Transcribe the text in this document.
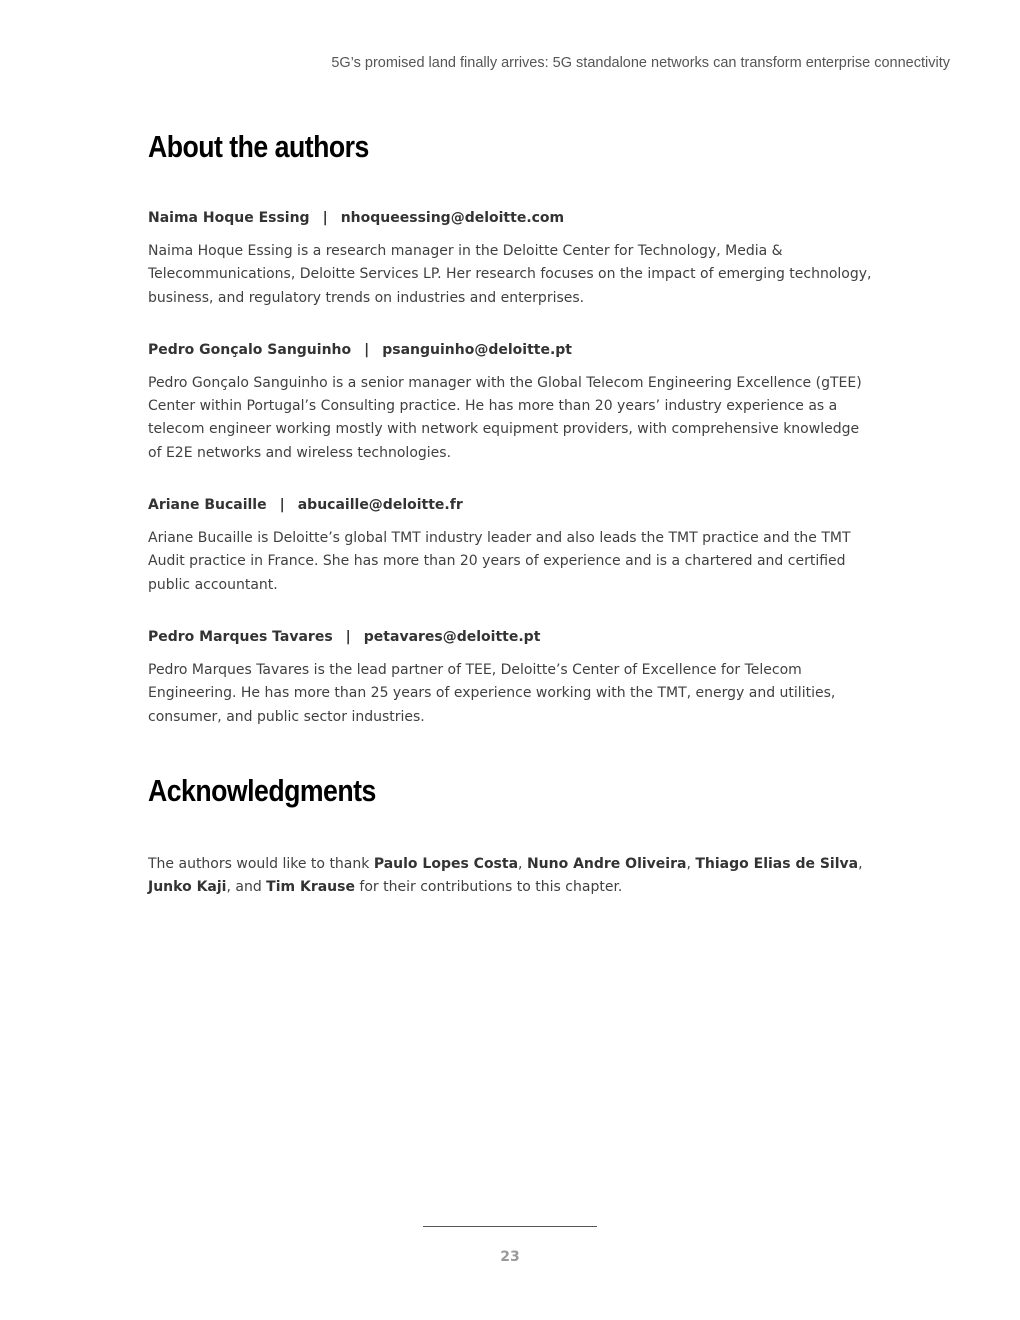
5G’s promised land finally arrives: 5G standalone networks can transform enterprise connectivity
About the authors
Naima Hoque Essing | nhoqueessing@deloitte.com

Naima Hoque Essing is a research manager in the Deloitte Center for Technology, Media & Telecommunications, Deloitte Services LP. Her research focuses on the impact of emerging technology, business, and regulatory trends on industries and enterprises.

Pedro Gonçalo Sanguinho | psanguinho@deloitte.pt

Pedro Gonçalo Sanguinho is a senior manager with the Global Telecom Engineering Excellence (gTEE) Center within Portugal’s Consulting practice. He has more than 20 years’ industry experience as a telecom engineer working mostly with network equipment providers, with comprehensive knowledge of E2E networks and wireless technologies.

Ariane Bucaille | abucaille@deloitte.fr

Ariane Bucaille is Deloitte’s global TMT industry leader and also leads the TMT practice and the TMT Audit practice in France. She has more than 20 years of experience and is a chartered and certified public accountant.

Pedro Marques Tavares | petavares@deloitte.pt

Pedro Marques Tavares is the lead partner of TEE, Deloitte’s Center of Excellence for Telecom Engineering. He has more than 25 years of experience working with the TMT, energy and utilities, consumer, and public sector industries.

Acknowledgments

The authors would like to thank Paulo Lopes Costa, Nuno Andre Oliveira, Thiago Elias de Silva, Junko Kaji, and Tim Krause for their contributions to this chapter.

23
